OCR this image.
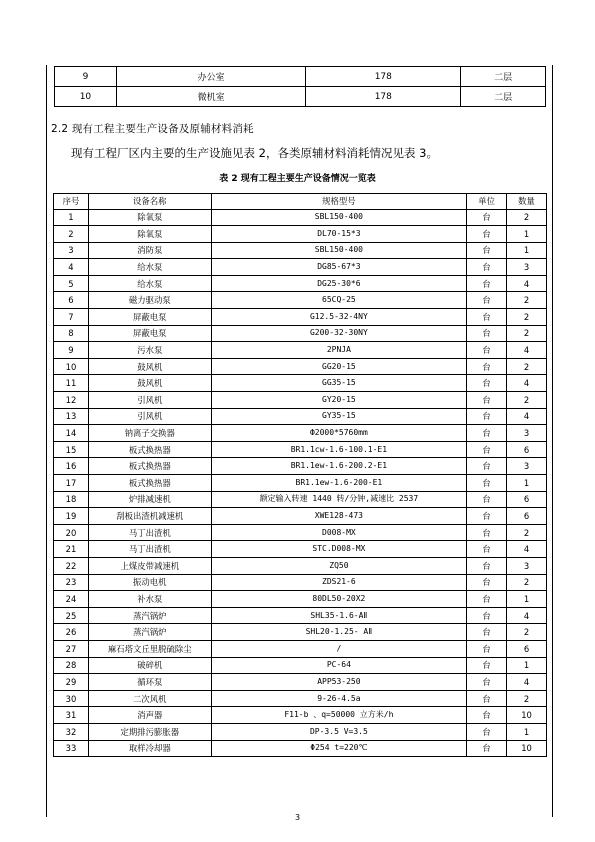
9	办公室	178	二层
10	微机室	178	二层
2.2 现有工程主要生产设备及原辅材料消耗
现有工程厂区内主要的生产设施见表 2，各类原辅材料消耗情况见表 3。
表 2 现有工程主要生产设备情况一览表
序号	设备名称	规格型号	单位	数量
1	除氧泵	SBL150-400	台	2
2	除氧泵	DL70-15*3	台	1
3	消防泵	SBL150-400	台	1
4	给水泵	DG85-67*3	台	3
5	给水泵	DG25-30*6	台	4
6	磁力驱动泵	65CQ-25	台	2
7	屏蔽电泵	G12.5-32-4NY	台	2
8	屏蔽电泵	G200-32-30NY	台	2
9	污水泵	2PNJA	台	4
10	鼓风机	GG20-15	台	2
11	鼓风机	GG35-15	台	4
12	引风机	GY20-15	台	2
13	引风机	GY35-15	台	4
14	钠离子交换器	Ф2000*5760mm	台	3
15	板式换热器	BR1.1cw-1.6-100.1-E1	台	6
16	板式换热器	BR1.1ew-1.6-200.2-E1	台	3
17	板式换热器	BR1.1ew-1.6-200-E1	台	1
18	炉排减速机	额定输入转速 1440 转/分钟,减速比 2537	台	6
19	刮板出渣机减速机	XWE128-473	台	6
20	马丁出渣机	D008-MX	台	2
21	马丁出渣机	STC.D008-MX	台	4
22	上煤皮带减速机	ZQ50	台	3
23	振动电机	ZDS21-6	台	2
24	补水泵	80DL50-20X2	台	1
25	蒸汽锅炉	SHL35-1.6-AⅡ	台	4
26	蒸汽锅炉	SHL20-1.25- AⅡ	台	2
27	麻石塔文丘里脱硫除尘	/	台	6
28	破碎机	PC-64	台	1
29	循环泵	APP53-250	台	4
30	二次风机	9-26-4.5a	台	2
31	消声器	F11-b 、q=50000 立方米/h	台	10
32	定期排污膨胀器	DP-3.5 V=3.5	台	1
33	取样冷却器	Φ254 t=220℃	台	10
3
